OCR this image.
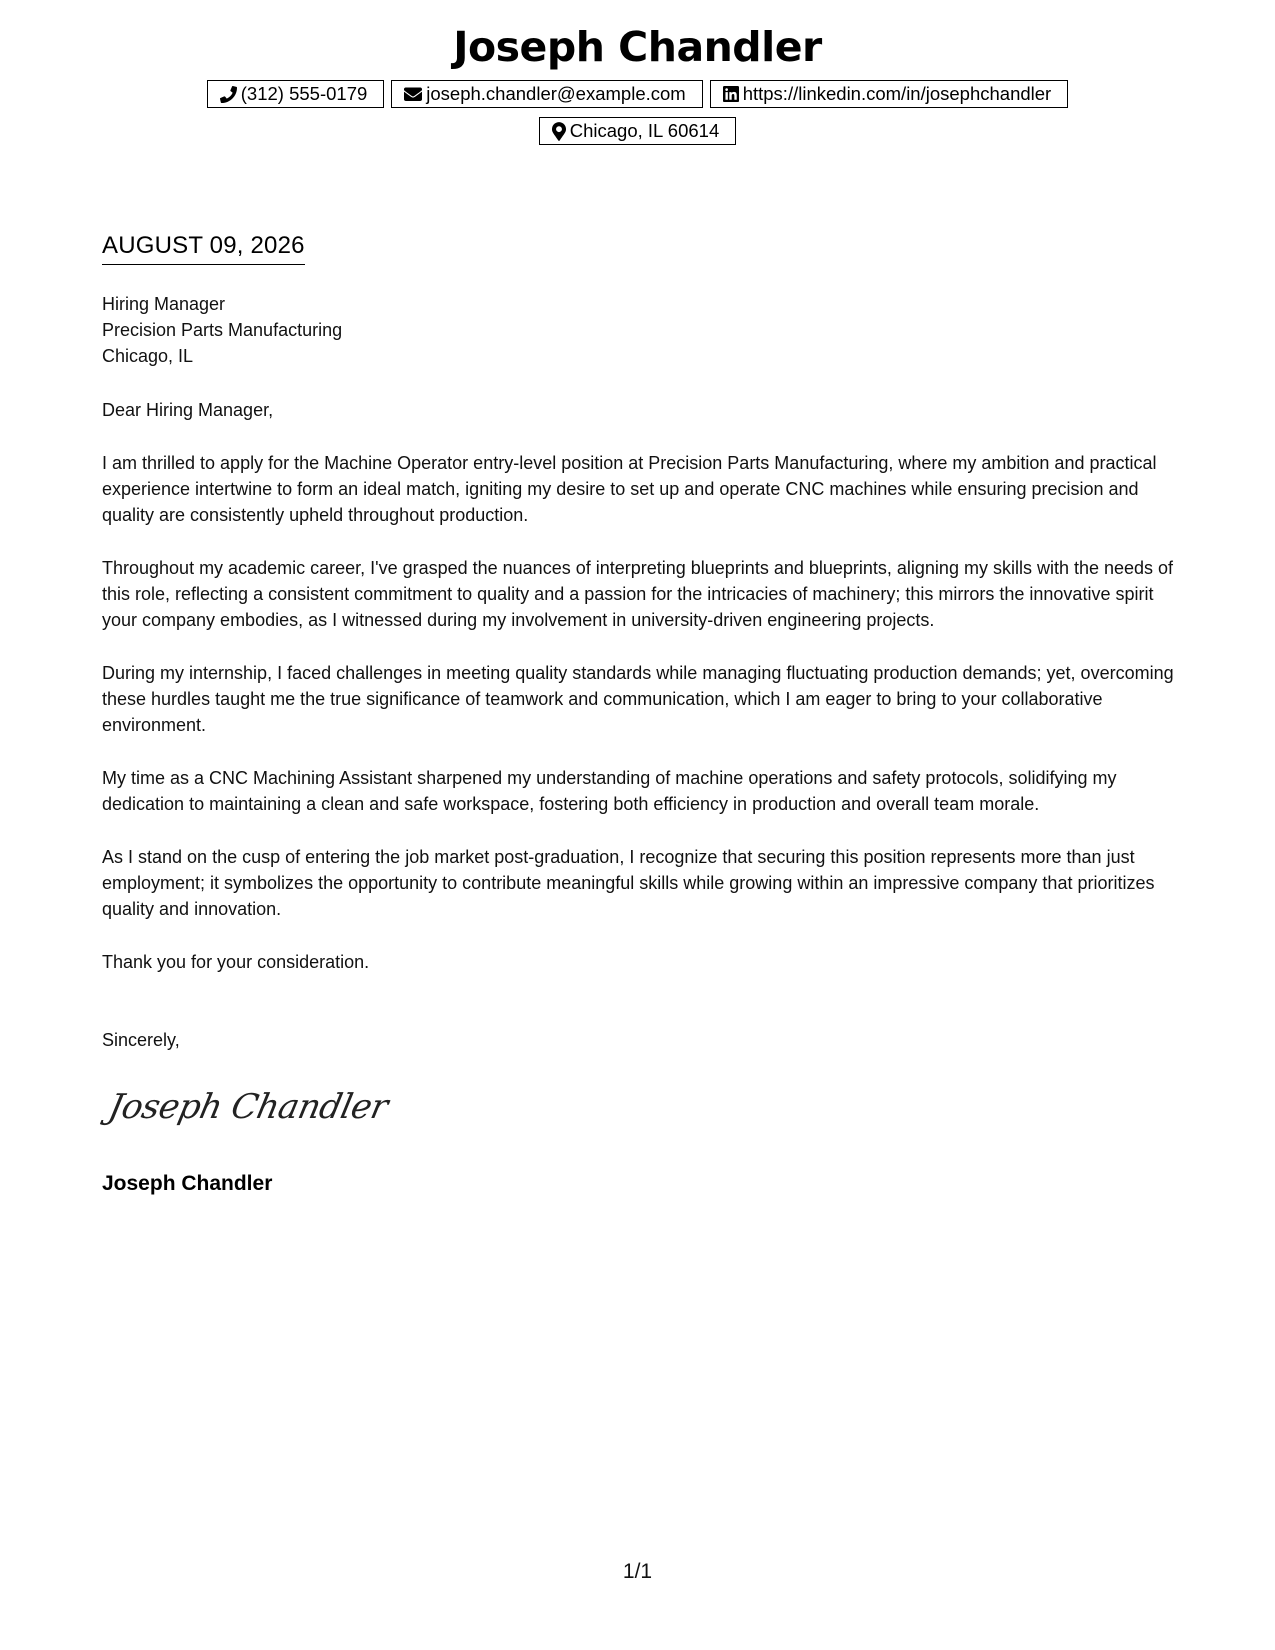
Joseph Chandler
(312) 555-0179	joseph.chandler@example.com	https://linkedin.com/in/josephchandler
Chicago, IL 60614
AUGUST 09, 2026
Hiring Manager
Precision Parts Manufacturing
Chicago, IL

Dear Hiring Manager,

I am thrilled to apply for the Machine Operator entry-level position at Precision Parts Manufacturing, where my ambition and practical experience intertwine to form an ideal match, igniting my desire to set up and operate CNC machines while ensuring precision and quality are consistently upheld throughout production.

Throughout my academic career, I've grasped the nuances of interpreting blueprints and blueprints, aligning my skills with the needs of this role, reflecting a consistent commitment to quality and a passion for the intricacies of machinery; this mirrors the innovative spirit your company embodies, as I witnessed during my involvement in university-driven engineering projects.

During my internship, I faced challenges in meeting quality standards while managing fluctuating production demands; yet, overcoming these hurdles taught me the true significance of teamwork and communication, which I am eager to bring to your collaborative environment.

My time as a CNC Machining Assistant sharpened my understanding of machine operations and safety protocols, solidifying my dedication to maintaining a clean and safe workspace, fostering both efficiency in production and overall team morale.

As I stand on the cusp of entering the job market post-graduation, I recognize that securing this position represents more than just employment; it symbolizes the opportunity to contribute meaningful skills while growing within an impressive company that prioritizes quality and innovation.

Thank you for your consideration.

Sincerely,

Joseph Chandler
Joseph Chandler
1/1
